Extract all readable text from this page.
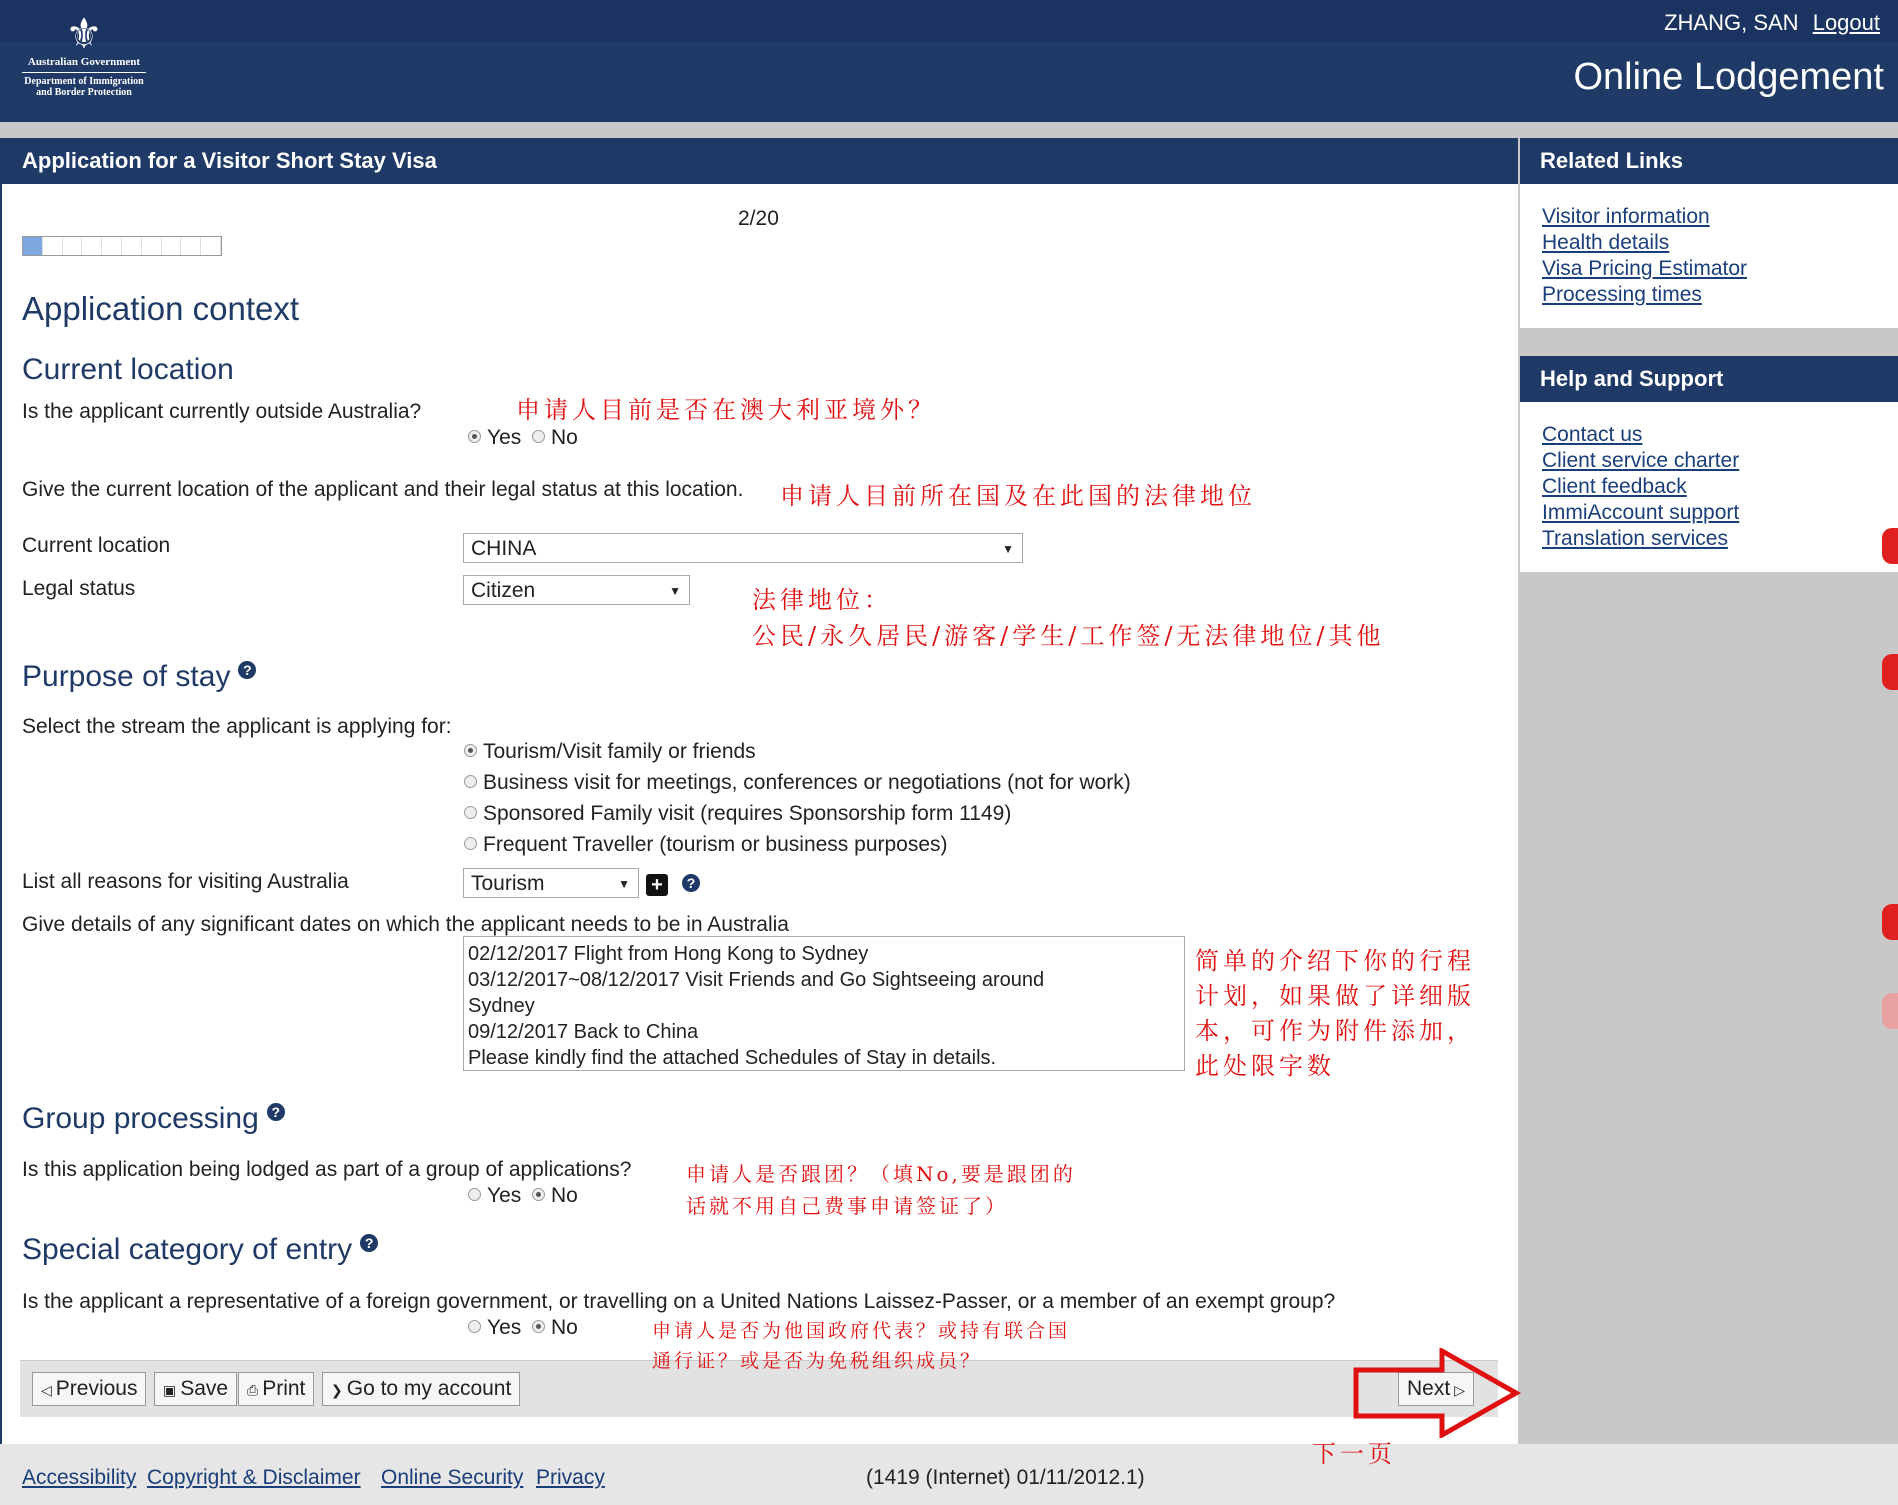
⚜
Australian Government
Department of Immigration
and Border Protection
ZHANG, SAN Logout
Online Lodgement
Application for a Visitor Short Stay Visa
2/20
Application context
Current location
Is the applicant currently outside Australia?
Yes	No
Give the current location of the applicant and their legal status at this location.
Current location	CHINA	▼
Legal status	Citizen	▼
Purpose of stay ?
Select the stream the applicant is applying for:
Tourism/Visit family or friends
Business visit for meetings, conferences or negotiations (not for work)
Sponsored Family visit (requires Sponsorship form 1149)
Frequent Traveller (tourism or business purposes)
List all reasons for visiting Australia	Tourism	▼ +	?
Give details of any significant dates on which the applicant needs to be in Australia
02/12/2017 Flight from Hong Kong to Sydney
03/12/2017~08/12/2017 Visit Friends and Go Sightseeing around
Sydney
09/12/2017 Back to China
Please kindly find the attached Schedules of Stay in details.
Group processing ?
Is this application being lodged as part of a group of applications?
Yes	No
Special category of entry ?
Is the applicant a representative of a foreign government, or travelling on a United Nations Laissez-Passer, or a member of an exempt group?
Yes	No
◁ Previous	▣ Save	⎙ Print	❯ Go to my account	Next ▷
Related Links
Visitor information
Health details
Visa Pricing Estimator
Processing times
Help and Support
Contact us
Client service charter
Client feedback
ImmiAccount support
Translation services
Accessibility Copyright & Disclaimer Online Security Privacy	(1419 (Internet) 01/11/2012.1)
申请人目前是否在澳大利亚境外？
申请人目前所在国及在此国的法律地位
法律地位：
公民/永久居民/游客/学生/工作签/无法律地位/其他
简单的介绍下你的行程
计划，如果做了详细版
本，可作为附件添加，
此处限字数
申请人是否跟团？（填No,要是跟团的
话就不用自己费事申请签证了）
申请人是否为他国政府代表？或持有联合国
通行证？或是否为免税组织成员？
下一页
